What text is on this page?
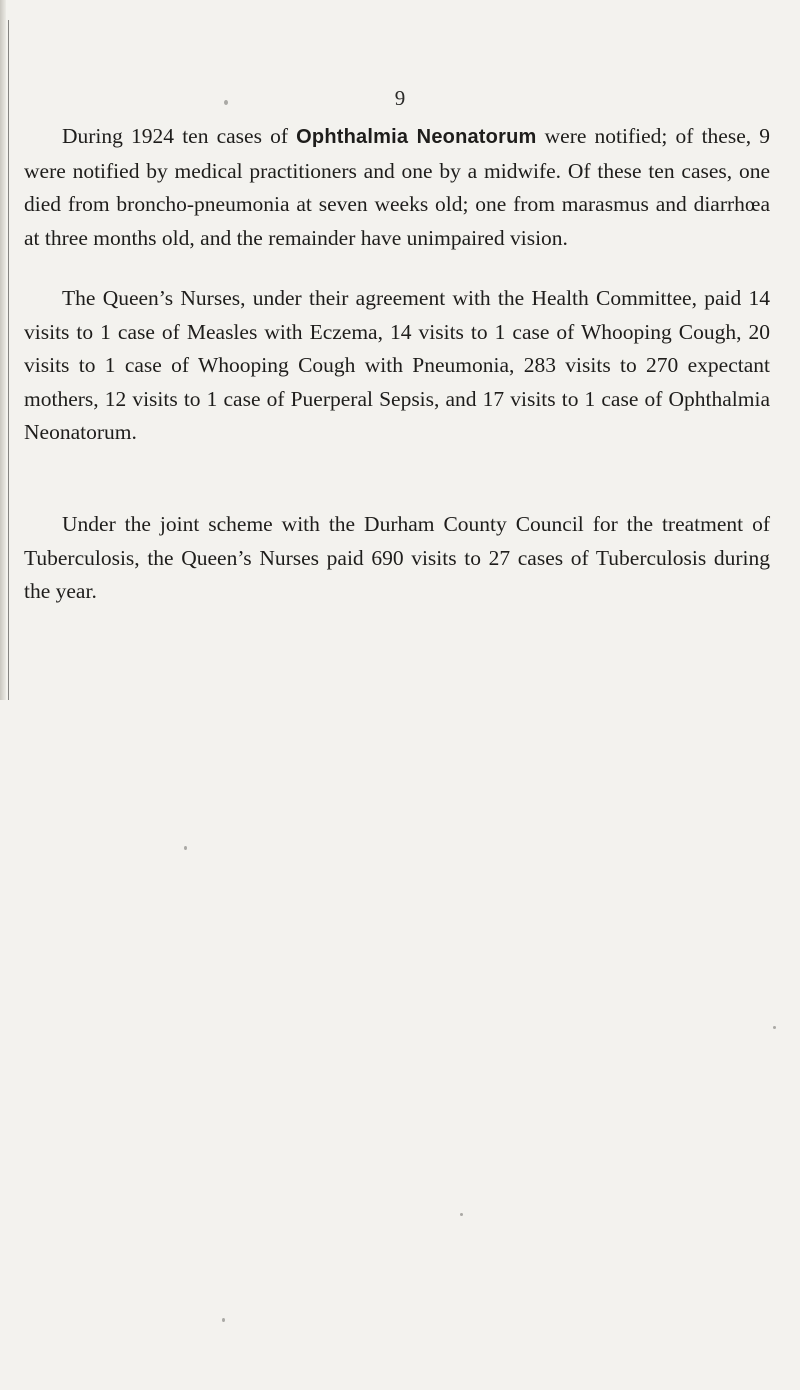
9

During 1924 ten cases of Ophthalmia Neonatorum were notified; of these, 9 were notified by medical practitioners and one by a midwife. Of these ten cases, one died from broncho-pneumonia at seven weeks old; one from marasmus and diarrhœa at three months old, and the remainder have unimpaired vision.

The Queen’s Nurses, under their agreement with the Health Committee, paid 14 visits to 1 case of Measles with Eczema, 14 visits to 1 case of Whooping Cough, 20 visits to 1 case of Whooping Cough with Pneumonia, 283 visits to 270 expectant mothers, 12 visits to 1 case of Puerperal Sepsis, and 17 visits to 1 case of Ophthalmia Neonatorum.

Under the joint scheme with the Durham County Council for the treatment of Tuberculosis, the Queen’s Nurses paid 690 visits to 27 cases of Tuberculosis during the year.
